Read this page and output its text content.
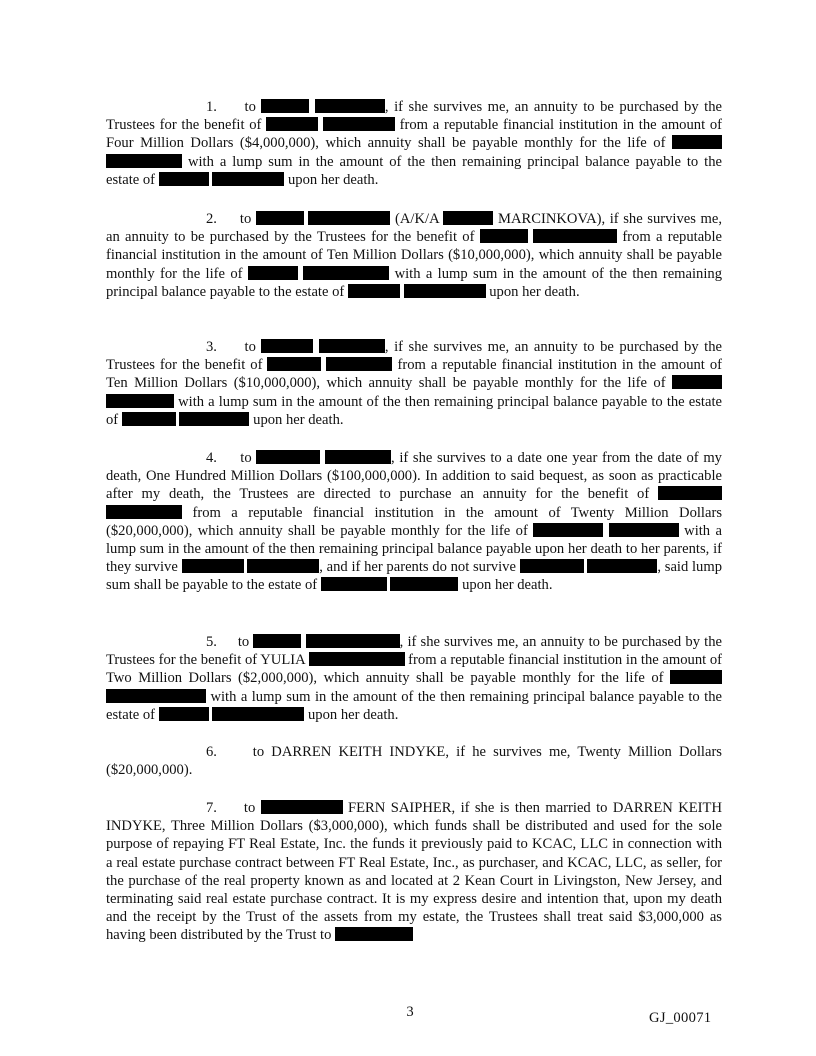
1. to	, if she survives me, an annuity to be purchased by the Trustees for the benefit of	from a reputable financial institution in the amount of Four Million Dollars ($4,000,000), which annuity shall be payable monthly for the life of   with a lump sum in the amount of the then remaining principal balance payable to the estate of	upon her death.
2. to	(A/K/A	MARCINKOVA), if she survives me, an annuity to be purchased by the Trustees for the benefit of	from a reputable financial institution in the amount of Ten Million Dollars ($10,000,000), which annuity shall be payable monthly for the life of	with a lump sum in the amount of the then remaining principal balance payable to the estate of	upon her death.
3. to	, if she survives me, an annuity to be purchased by the Trustees for the benefit of	from a reputable financial institution in the amount of Ten Million Dollars ($10,000,000), which annuity shall be payable monthly for the life of   with a lump sum in the amount of the then remaining principal balance payable to the estate of	upon her death.
4. to	, if she survives to a date one year from the date of my death, One Hundred Million Dollars ($100,000,000). In addition to said bequest, as soon as practicable after my death, the Trustees are directed to purchase an annuity for the benefit of   from a reputable financial institution in the amount of Twenty Million Dollars ($20,000,000), which annuity shall be payable monthly for the life of	with a lump sum in the amount of the then remaining principal balance payable upon her death to her parents, if they survive	, and if her parents do not survive	, said lump sum shall be payable to the estate of	upon her death.
5. to	, if she survives me, an annuity to be purchased by the Trustees for the benefit of YULIA	from a reputable financial institution in the amount of Two Million Dollars ($2,000,000), which annuity shall be payable monthly for the life of   with a lump sum in the amount of the then remaining principal balance payable to the estate of	upon her death.
6. to DARREN KEITH INDYKE, if he survives me, Twenty Million Dollars ($20,000,000).
7. to	FERN SAIPHER, if she is then married to DARREN KEITH INDYKE, Three Million Dollars ($3,000,000), which funds shall be distributed and used for the sole purpose of repaying FT Real Estate, Inc. the funds it previously paid to KCAC, LLC in connection with a real estate purchase contract between FT Real Estate, Inc., as purchaser, and KCAC, LLC, as seller, for the purchase of the real property known as and located at 2 Kean Court in Livingston, New Jersey, and terminating said real estate purchase contract. It is my express desire and intention that, upon my death and the receipt by the Trust of the assets from my estate, the Trustees shall treat said $3,000,000 as having been distributed by the Trust to
3	GJ_00071
